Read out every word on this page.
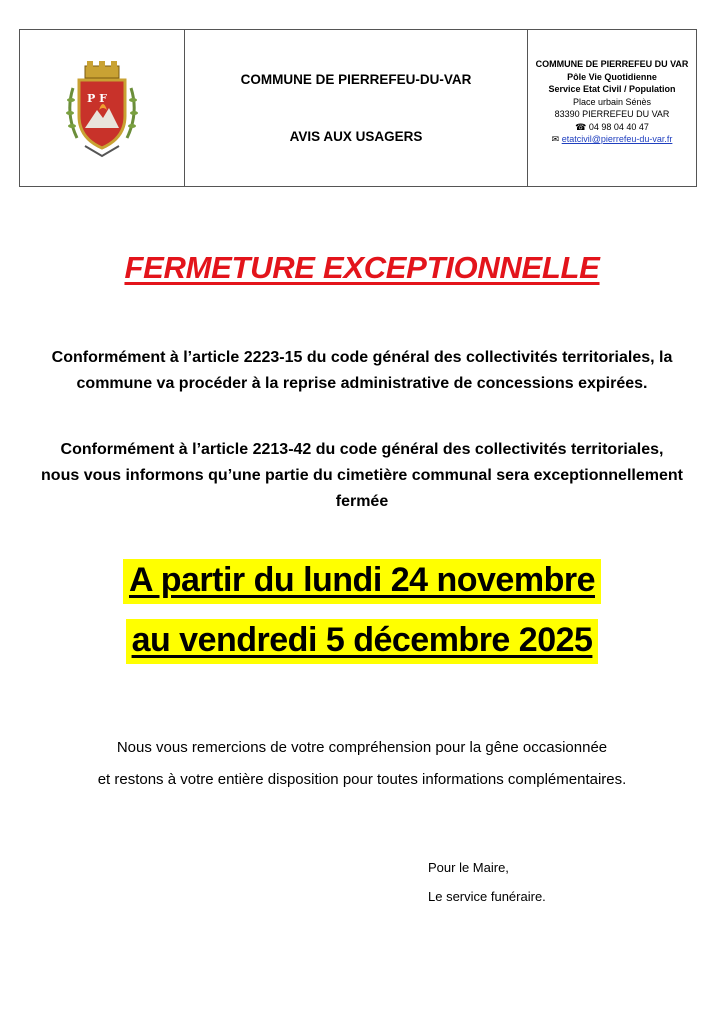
P F
COMMUNE DE PIERREFEU-DU-VAR
AVIS AUX USAGERS
COMMUNE DE PIERREFEU DU VAR
Pôle Vie Quotidienne
Service Etat Civil / Population
Place urbain Sénès
83390 PIERREFEU DU VAR
☎ 04 98 04 40 47
✉ etatcivil@pierrefeu-du-var.fr
FERMETURE EXCEPTIONNELLE
Conformément à l’article 2223-15 du code général des collectivités territoriales, la commune va procéder à la reprise administrative de concessions expirées.
Conformément à l’article 2213-42 du code général des collectivités territoriales, nous vous informons qu’une partie du cimetière communal sera exceptionnellement fermée
A partir du lundi 24 novembre
au vendredi 5 décembre 2025
Nous vous remercions de votre compréhension pour la gêne occasionnée
et restons à votre entière disposition pour toutes informations complémentaires.
Pour le Maire,
Le service funéraire.
